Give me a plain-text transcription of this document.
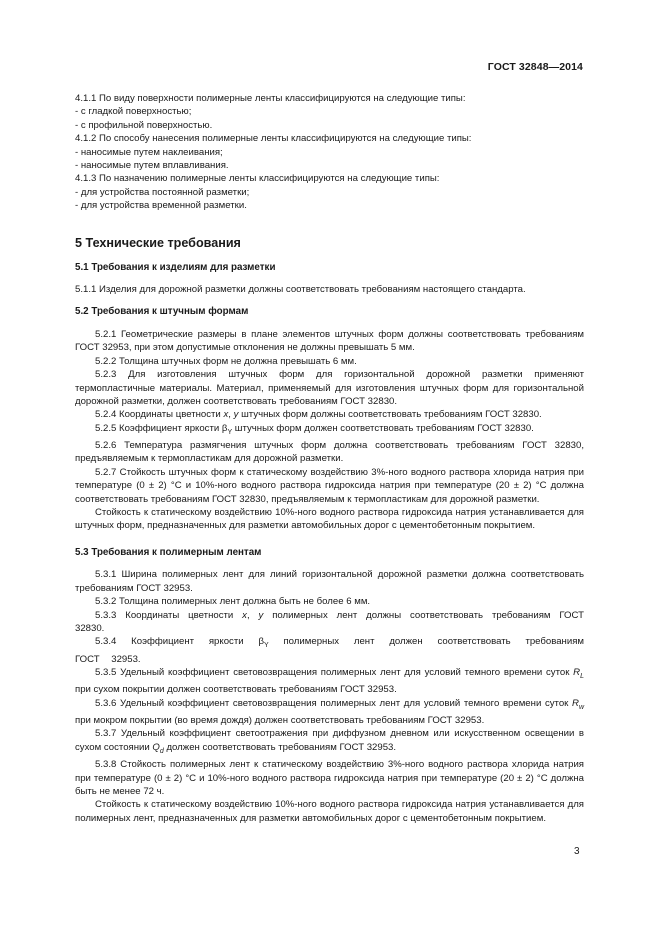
ГОСТ 32848—2014

4.1.1 По виду поверхности полимерные ленты классифицируются на следующие типы:

- с гладкой поверхностью;

- с профильной поверхностью.

4.1.2 По способу нанесения полимерные ленты классифицируются на следующие типы:

- наносимые путем наклеивания;

- наносимые путем вплавливания.

4.1.3 По назначению полимерные ленты классифицируются на следующие типы:

- для устройства постоянной разметки;

- для устройства временной разметки.

5 Технические требования
5.1 Требования к изделиям для разметки

5.1.1 Изделия для дорожной разметки должны соответствовать требованиям настоящего стандарта.

5.2 Требования к штучным формам

5.2.1 Геометрические размеры в плане элементов штучных форм должны соответствовать требованиям ГОСТ 32953, при этом допустимые отклонения не должны превышать 5 мм.

5.2.2 Толщина штучных форм не должна превышать 6 мм.

5.2.3 Для изготовления штучных форм для горизонтальной дорожной разметки применяют термопластичные материалы. Материал, применяемый для изготовления штучных форм для горизонтальной дорожной разметки, должен соответствовать требованиям ГОСТ 32830.

5.2.4 Координаты цветности x, y штучных форм должны соответствовать требованиям ГОСТ 32830.

5.2.5 Коэффициент яркости $\beta_Y$ штучных форм должен соответствовать требованиям ГОСТ 32830.

5.2.6 Температура размягчения штучных форм должна соответствовать требованиям ГОСТ 32830, предъявляемым к термопластикам для дорожной разметки.

5.2.7 Стойкость штучных форм к статическому воздействию 3%-ного водного раствора хлорида натрия при температуре (0 ± 2) °С и 10%-ного водного раствора гидроксида натрия при температуре (20 ± 2) °С должна соответствовать требованиям ГОСТ 32830, предъявляемым к термопластикам для дорожной разметки.

Стойкость к статическому воздействию 10%-ного водного раствора гидроксида натрия устанавливается для штучных форм, предназначенных для разметки автомобильных дорог с цементобетонным покрытием.

5.3 Требования к полимерным лентам

5.3.1 Ширина полимерных лент для линий горизонтальной дорожной разметки должна соответствовать требованиям ГОСТ 32953.

5.3.2 Толщина полимерных лент должна быть не более 6 мм.

5.3.3 Координаты цветности x, y полимерных лент должны соответствовать требованиям ГОСТ 32830.

5.3.4 Коэффициент яркости $\beta_Y$ полимерных лент должен соответствовать требованиям ГОСТ 32953.

5.3.5 Удельный коэффициент световозвращения полимерных лент для условий темного времени суток $R_L$ при сухом покрытии должен соответствовать требованиям ГОСТ 32953.

5.3.6 Удельный коэффициент световозвращения полимерных лент для условий темного времени суток $R_w$ при мокром покрытии (во время дождя) должен соответствовать требованиям ГОСТ 32953.

5.3.7 Удельный коэффициент светоотражения при диффузном дневном или искусственном освещении в сухом состоянии $Q_d$ должен соответствовать требованиям ГОСТ 32953.

5.3.8 Стойкость полимерных лент к статическому воздействию 3%-ного водного раствора хлорида натрия при температуре (0 ± 2) °С и 10%-ного водного раствора гидроксида натрия при температуре (20 ± 2) °С должна быть не менее 72 ч.

Стойкость к статическому воздействию 10%-ного водного раствора гидроксида натрия устанавливается для полимерных лент, предназначенных для разметки автомобильных дорог с цементобетонным покрытием.

3
